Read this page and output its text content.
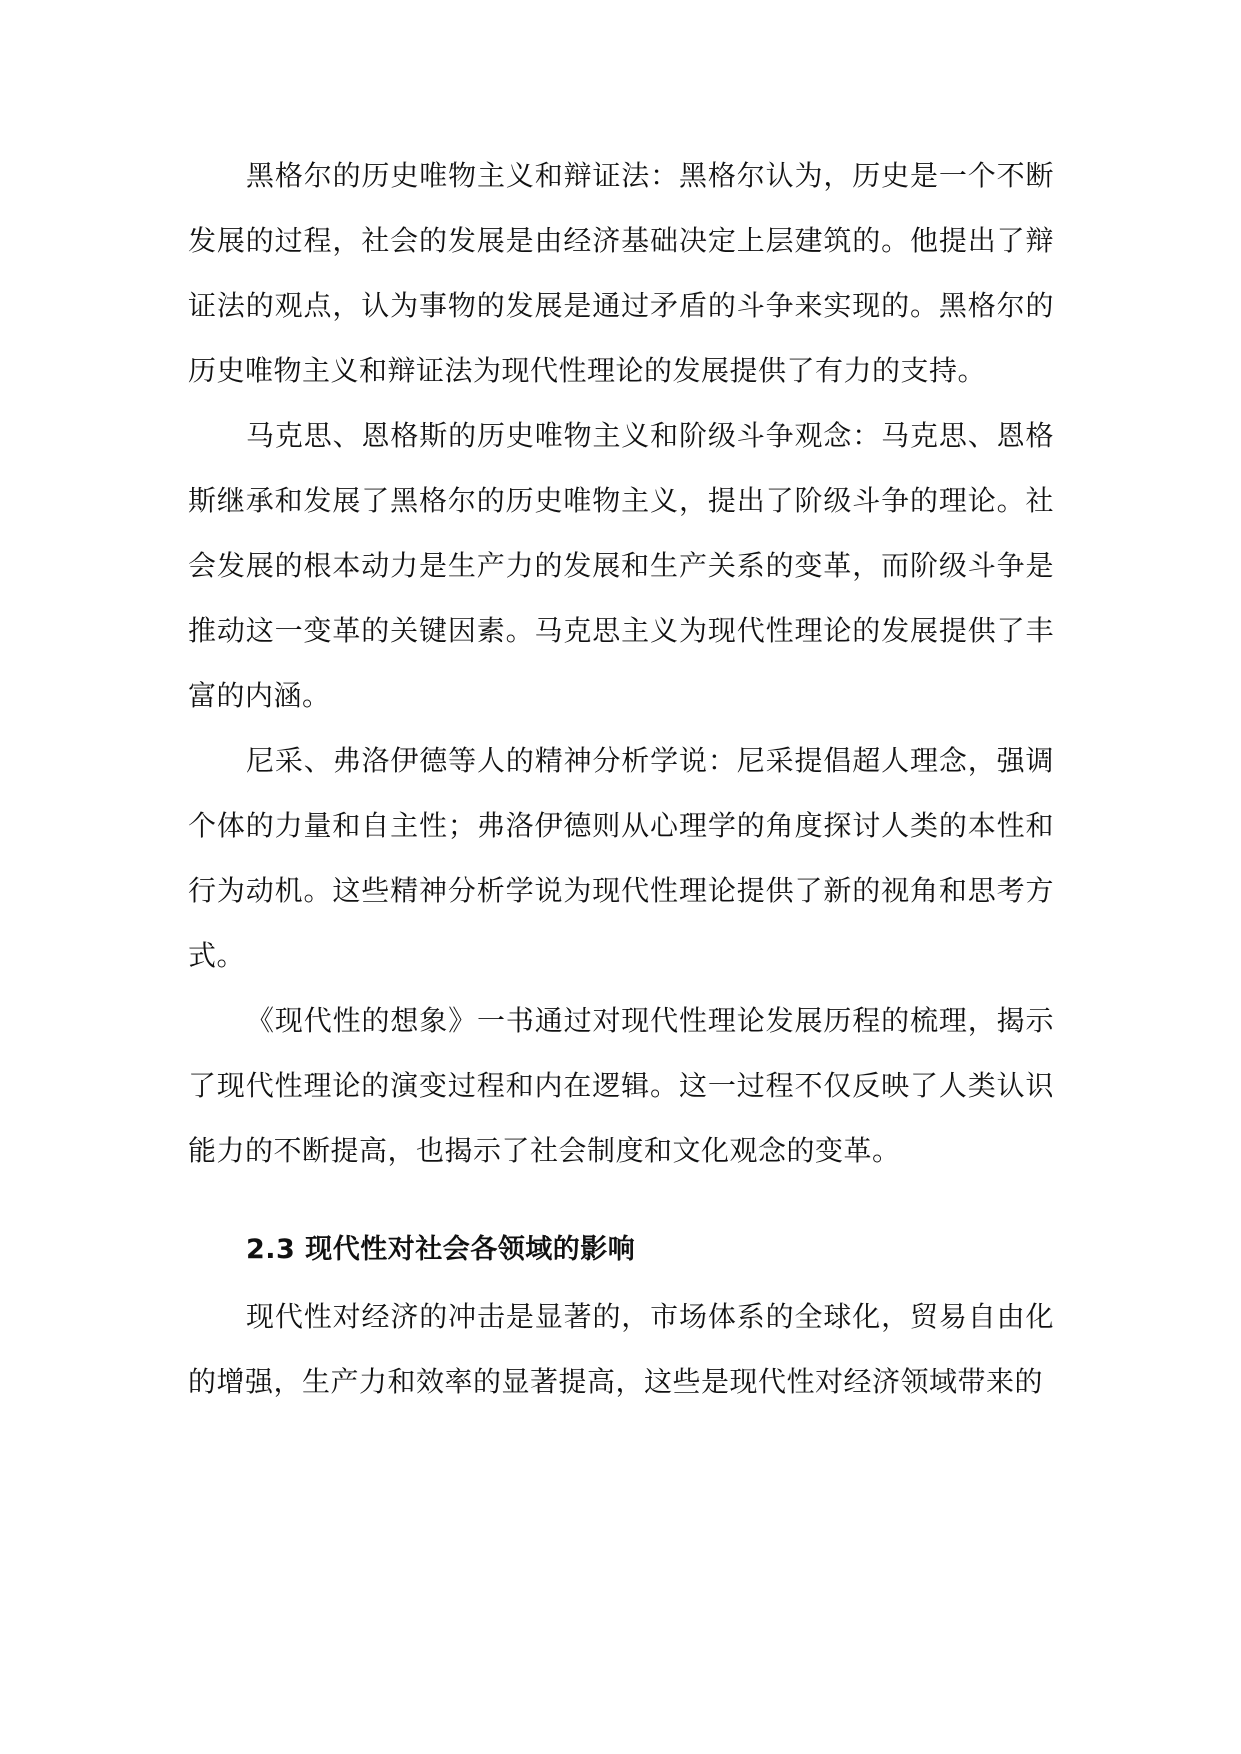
黑格尔的历史唯物主义和辩证法：黑格尔认为，历史是一个不断发展的过程，社会的发展是由经济基础决定上层建筑的。他提出了辩证法的观点，认为事物的发展是通过矛盾的斗争来实现的。黑格尔的历史唯物主义和辩证法为现代性理论的发展提供了有力的支持。

马克思、恩格斯的历史唯物主义和阶级斗争观念：马克思、恩格斯继承和发展了黑格尔的历史唯物主义，提出了阶级斗争的理论。社会发展的根本动力是生产力的发展和生产关系的变革，而阶级斗争是推动这一变革的关键因素。马克思主义为现代性理论的发展提供了丰富的内涵。

尼采、弗洛伊德等人的精神分析学说：尼采提倡超人理念，强调个体的力量和自主性；弗洛伊德则从心理学的角度探讨人类的本性和行为动机。这些精神分析学说为现代性理论提供了新的视角和思考方式。

《现代性的想象》一书通过对现代性理论发展历程的梳理，揭示了现代性理论的演变过程和内在逻辑。这一过程不仅反映了人类认识能力的不断提高，也揭示了社会制度和文化观念的变革。

2.3 现代性对社会各领域的影响

现代性对经济的冲击是显著的，市场体系的全球化，贸易自由化的增强，生产力和效率的显著提高，这些是现代性对经济领域带来的
